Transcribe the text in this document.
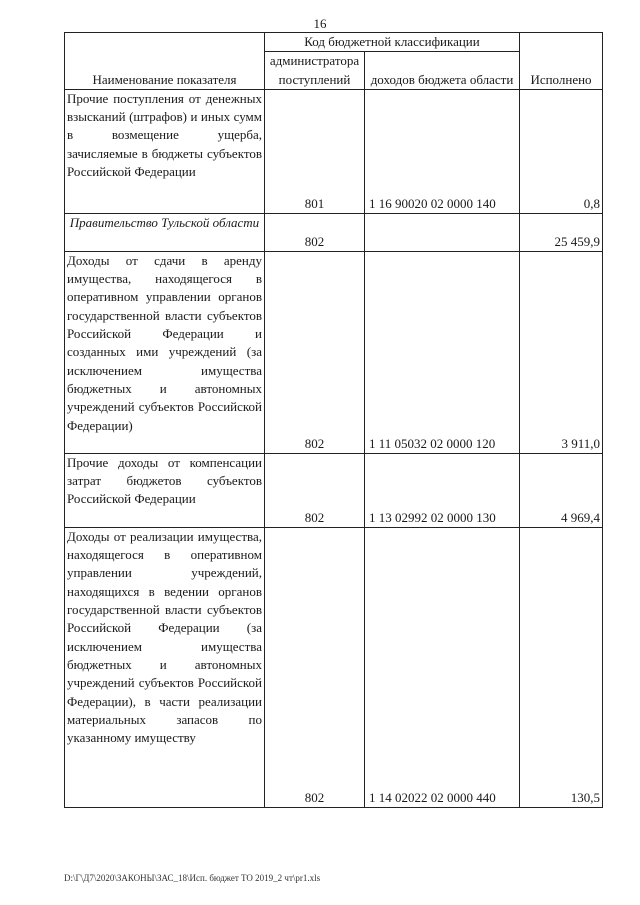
16
Наименование показателя	Код бюджетной классификации		Исполнено
	администратора поступлений	доходов бюджета области	
Прочие поступления от денежных взысканий (штрафов) и иных сумм в возмещение ущерба, зачисляемые в бюджеты субъектов Российской Федерации	801	1 16 90020 02 0000 140	0,8
Правительство Тульской области	802		25 459,9
Доходы от сдачи в аренду имущества, находящегося в оперативном управлении органов государственной власти субъектов Российской Федерации и созданных ими учреждений (за исключением имущества бюджетных и автономных учреждений субъектов Российской Федерации)	802	1 11 05032 02 0000 120	3 911,0
Прочие доходы от компенсации затрат бюджетов субъектов Российской Федерации	802	1 13 02992 02 0000 130	4 969,4
Доходы от реализации имущества, находящегося в оперативном управлении учреждений, находящихся в ведении органов государственной власти субъектов Российской Федерации (за исключением имущества бюджетных и автономных учреждений субъектов Российской Федерации), в части реализации материальных запасов по указанному имуществу	802	1 14 02022 02 0000 440	130,5
D:\Г\Д7\2020\ЗАКОНЫ\ЗАС_18\Исп. бюджет ТО 2019_2 чт\pr1.xls
